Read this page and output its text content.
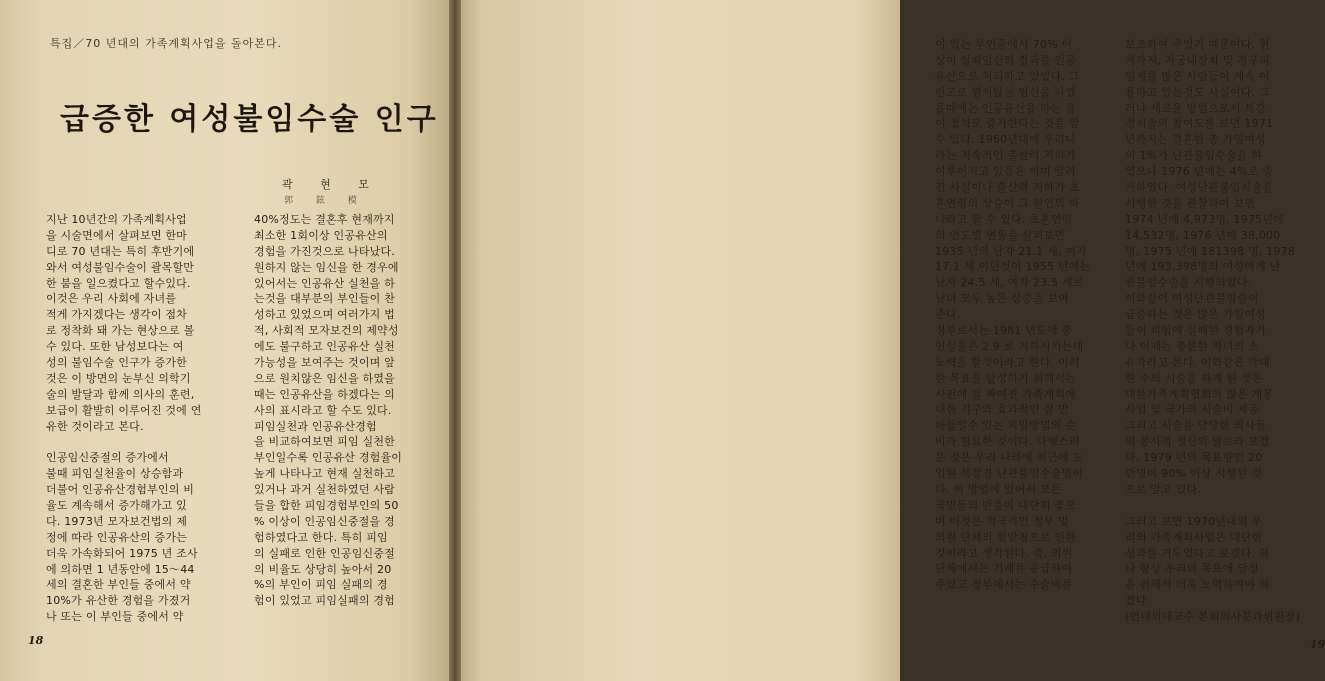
특집／70 년대의 가족계획사업을 돌아본다.
급증한 여성불임수술 인구
곽 현 모
郭 鉉 模
지난 10년간의 가족계획사업
을 시술면에서 살펴보면 한마
디로 70 년대는 특히 후반기에
와서 여성불임수술이 괄목할만
한 붐을 일으켰다고 할수있다.
이것은 우리 사회에 자녀를
적게 가지겠다는 생각이 점차
로 정착화 돼 가는 현상으로 볼
수 있다. 또한 남성보다는 여
성의 불임수술 인구가 증가한
것은 이 방면의 눈부신 의학기
술의 발달과 함께 의사의 훈련,
보급이 활발히 이루어진 것에 연
유한 것이라고 본다.
인공임신중절의 증가에서
불때 피임실천율이 상승함과
더불어 인공유산경험부인의 비
율도 계속해서 증가해가고 있
다. 1973년 모자보건법의 제
정에 따라 인공유산의 증가는
더욱 가속화되어 1975 년 조사
에 의하면 1 년동안에 15～44
세의 결혼한 부인들 중에서 약
10%가 유산한 경험을 가졌거
나 또는 이 부인들 중에서 약
40%정도는 결혼후 현재까지
최소한 1회이상 인공유산의
경험을 가진것으로 나타났다.
원하지 않는 임신을 한 경우에
있어서는 인공유산 실천을 하
는것을 대부분의 부인들이 찬
성하고 있었으며 여러가지 법
적, 사회적 모자보건의 제약성
에도 불구하고 인공유산 실천
가능성을 보여주는 것이며 앞
으로 원치않은 임신을 하였을
때는 인공유산을 하겠다는 의
사의 표시라고 할 수도 있다.
피임실천과 인공유산경험
을 비교하여보면 피임 실천한
부인일수록 인공유산 경험율이
높게 나타나고 현재 실천하고
있거나 과거 실천하였던 사람
들을 합한 피임경험부인의 50
% 이상이 인공임신중절을 경
험하였다고 한다. 특히 피임
의 실패로 인한 인공임신중절
의 비율도 상당히 높아서 20
%의 부인이 피임 실패의 경
험이 있었고 피임실패의 경험
18
이 있는 부인중에서 70% 이
상이 실패임신의 결과를 인공
유산으로 처리하고 있었다. 그
런고로 원치않는 임신을 하였
을때에는 인공유산을 하는 율
이 점차로 증가한다는 것을 알
수 있다. 1960년대에 우리나
라는 지속적인 출산력 저하가
이루어지고 있음은 이미 알려
진 사실이나 출산력 저하가 초
혼연령의 상승이 그 원인의 하
나라고 할 수 있다. 초혼연령
의 연도별 변동을 살펴보면
1935 년의 남자 21.1 세, 여자
17.1 세 이던것이 1955 년에는
남자 24.5 세, 여자 23.5 세로
남녀 모두 높은 상승을 보여
준다.
정부로서는 1981 년도에 총
인실율은 2.9 로 저하시키는데
노력을 할것이라고 한다. 이러
한 목표를 달성하기 위해서는
사전에 잘 짜여진 가족계획에
대한 기구와 효과적인 잘 반
아들일수 있는 피임방법의 순
비가 필요한 것이다. 다행스러
운 것은 우리 나라에 최근에 도
입된 복강경 난관불임수술법이
다. 이 방법에 있어서 모든
국민들의 반응이 대단히 좋으
며 이것은 적극적인 정부 및
의원 단체의 뒷받침으로 인한
것이라고 생각된다. 즉, 의원
단체에서는 기계를 공급하여
주었고 정부에서는 수술비를
보조하여 주었기 때문이다. 현
재까지, 자궁내장치 및 경구피
임제를 많은 사람들이 계속 이
용하고 있는것도 사실이다. 그
러나 새로운 방법으로서 복강
경시술의 참여도를 보면 1971
년까지는 결혼한 총 가임여성
의 1%가 난관불임수술을 하
였으나 1976 년에는 4%로 증
가하였다. 여성난관불임시술을
시행한 것을 관찰하여 보면
1974 년에 4,973명, 1975년에
14,532명, 1976 년에 38,000
명, 1975 년에 181398 명, 1978
년에 193,398명의 여성에게 난
관불임수술을 시행되었다.
이와같이 여성난관불임술이
급증하는 것은 많은 가임여성
들이 피임에 실패한 경험자거
나 이제는 충분한 자녀의 소
유자라고 본다. 이와같은 막대
한 수의 시술을 하게 된 것은
대한가족계획협회의 많은 계몽
사업 및 국가의 시술비 제공
그리고 시술을 담당한 의사들
의 봉사적 정신의 발로라 보겠
다. 1979 년의 목표량인 20
만명이 90% 이상 시행된 것
으로 알고 있다.
그러고 보면 1970년대의 우
리의 가족계획사업은 대단한
성과를 거두었다고 보겠다. 하
나 항상 우리의 목표에 달성
을 위해서 더욱 노력하여야 하
겠다.
(연대의대교수 본회의사분과위원장)
19
